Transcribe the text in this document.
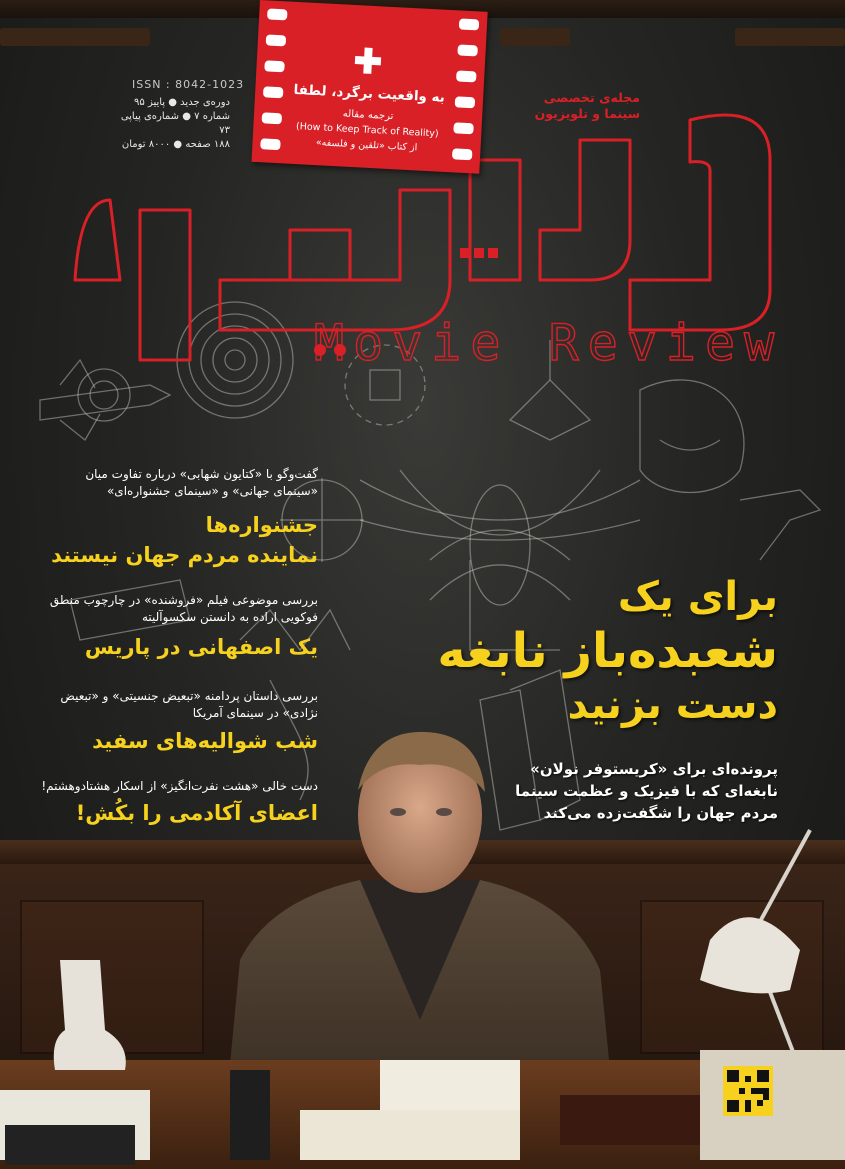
Movie Review
ISSN : 8042-1023
دوره‌ی جدید ● پاییز ۹۵
شماره ۷ ● شماره‌ی پیاپی ۷۳
۱۸۸ صفحه ● ۸۰۰۰ تومان
مجله‌ی تخصصی
سینما و تلویزیون
به واقعیت برگرد، لطفا
ترجمه مقاله
(How to Keep Track of Reality)
از کتاب «تلقین و فلسفه»
گفت‌وگو با «کتایون شهابی» درباره تفاوت میان «سینمای جهانی» و «سینمای جشنواره‌ای»
جشنواره‌ها
نماینده مردم جهان نیستند
بررسی موضوعی فیلم «فروشنده» در چارچوب منطق فوکویی اراده به دانستن سکسوآلیته
یک اصفهانی در پاریس
بررسی داستان پردامنه «تبعیض جنسیتی» و «تبعیض نژادی» در سینمای آمریکا
شب شوالیه‌های سفید
دست خالی «هشت نفرت‌انگیز» از اسکار هشتادوهشتم!
اعضای آکادمی را بکُش!
برای یک
شعبده‌باز نابغه
دست بزنید
پرونده‌ای برای «کریستوفر نولان»
نابغه‌ای که با فیزیک و عظمت سینما
مردم جهان را شگفت‌زده می‌کند
